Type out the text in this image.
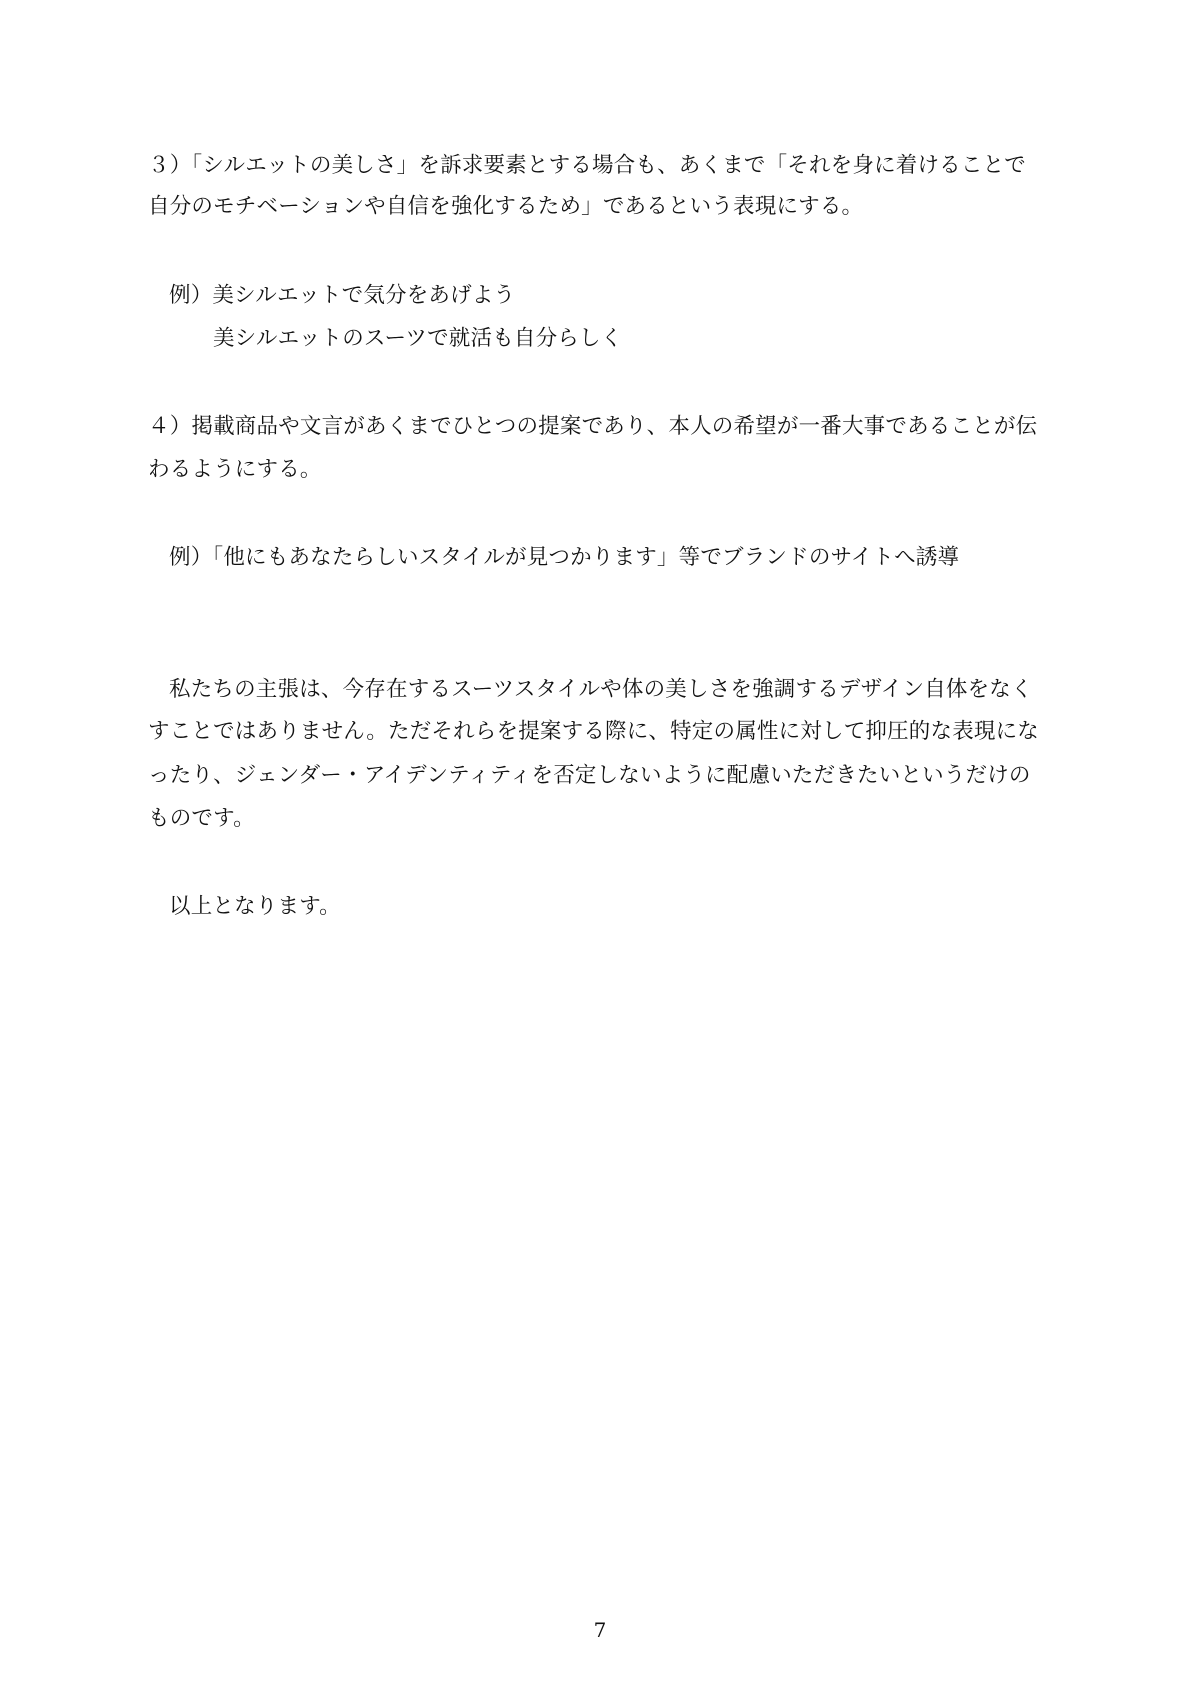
３）「シルエットの美しさ」を訴求要素とする場合も、あくまで「それを身に着けることで
自分のモチベーションや自信を強化するため」であるという表現にする。
例）美シルエットで気分をあげよう
美シルエットのスーツで就活も自分らしく
４）掲載商品や文言があくまでひとつの提案であり、本人の希望が一番大事であることが伝
わるようにする。
例）「他にもあなたらしいスタイルが見つかります」等でブランドのサイトへ誘導
私たちの主張は、今存在するスーツスタイルや体の美しさを強調するデザイン自体をなく
すことではありません。ただそれらを提案する際に、特定の属性に対して抑圧的な表現にな
ったり、ジェンダー・アイデンティティを否定しないように配慮いただきたいというだけの
ものです。
以上となります。
7
